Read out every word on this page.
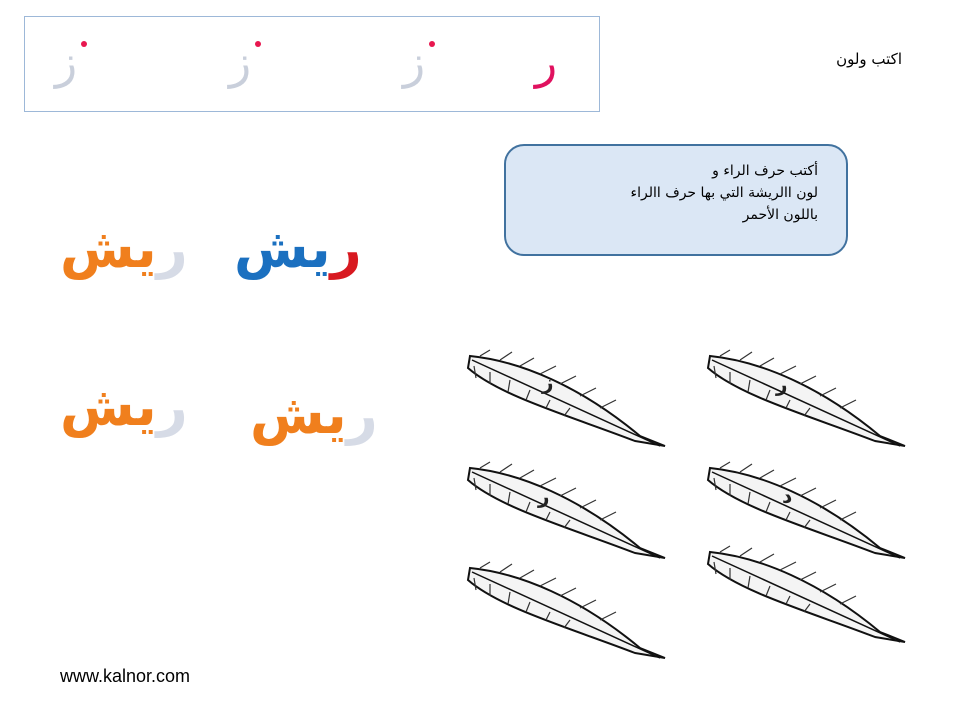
ر
ز
ز
ز	اكتب ولون
أكتب حرف الراء و
لون االريشة التي بها حرف االراء
باللون الأحمر
ريش
ريش
ريش
ريش	ز	ر
ر	د
www.kalnor.com
